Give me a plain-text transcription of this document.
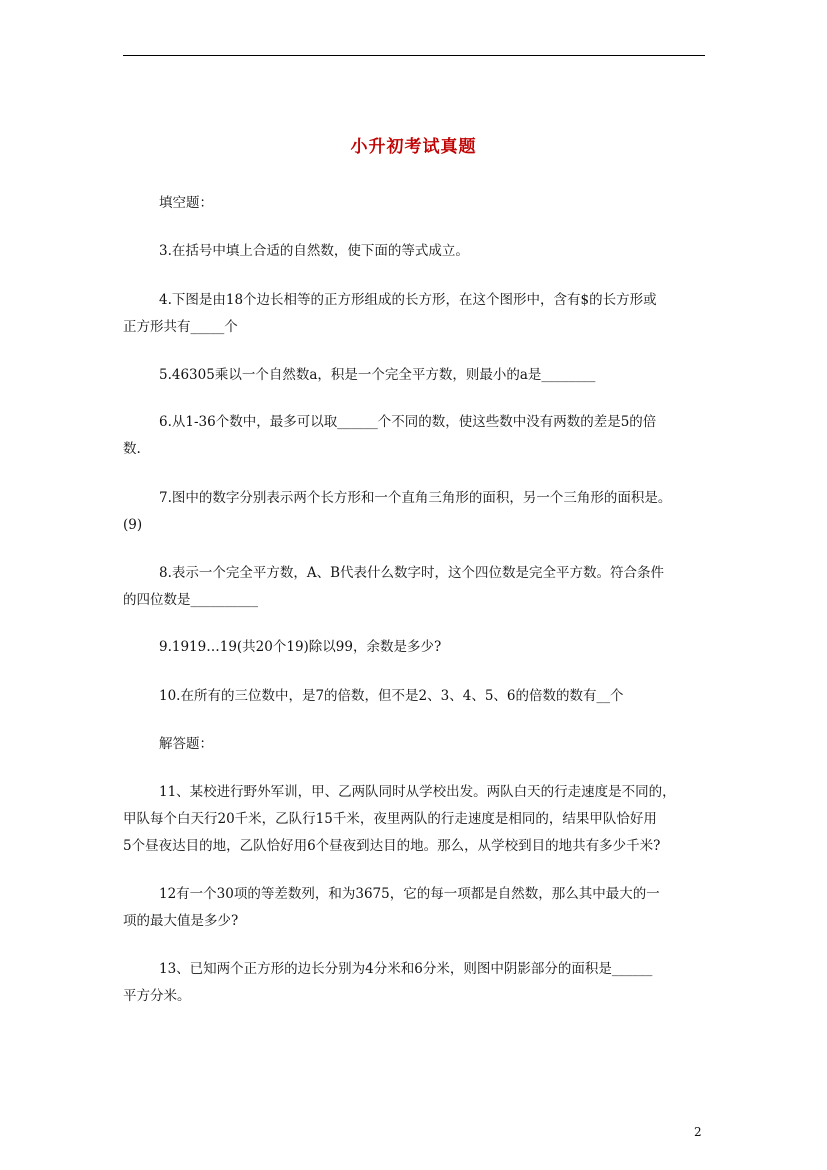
小升初考试真题
填空题：
3.在括号中填上合适的自然数，使下面的等式成立。
4.下图是由18个边长相等的正方形组成的长方形，在这个图形中，含有$的长方形或
正方形共有_____个
5.46305乘以一个自然数a，积是一个完全平方数，则最小的a是________
6.从1-36个数中，最多可以取______个不同的数，使这些数中没有两数的差是5的倍
数.
7.图中的数字分别表示两个长方形和一个直角三角形的面积，另一个三角形的面积是。
(9)
8.表示一个完全平方数，A、B代表什么数字时，这个四位数是完全平方数。符合条件
的四位数是__________
9.1919…19(共20个19)除以99，余数是多少?
10.在所有的三位数中，是7的倍数，但不是2、3、4、5、6的倍数的数有__个
解答题：
11、某校进行野外军训，甲、乙两队同时从学校出发。两队白天的行走速度是不同的，
甲队每个白天行20千米，乙队行15千米，夜里两队的行走速度是相同的，结果甲队恰好用
5个昼夜达目的地，乙队恰好用6个昼夜到达目的地。那么，从学校到目的地共有多少千米?
12有一个30项的等差数列，和为3675，它的每一项都是自然数，那么其中最大的一
项的最大值是多少?
13、已知两个正方形的边长分别为4分米和6分米，则图中阴影部分的面积是______
平方分米。
2
